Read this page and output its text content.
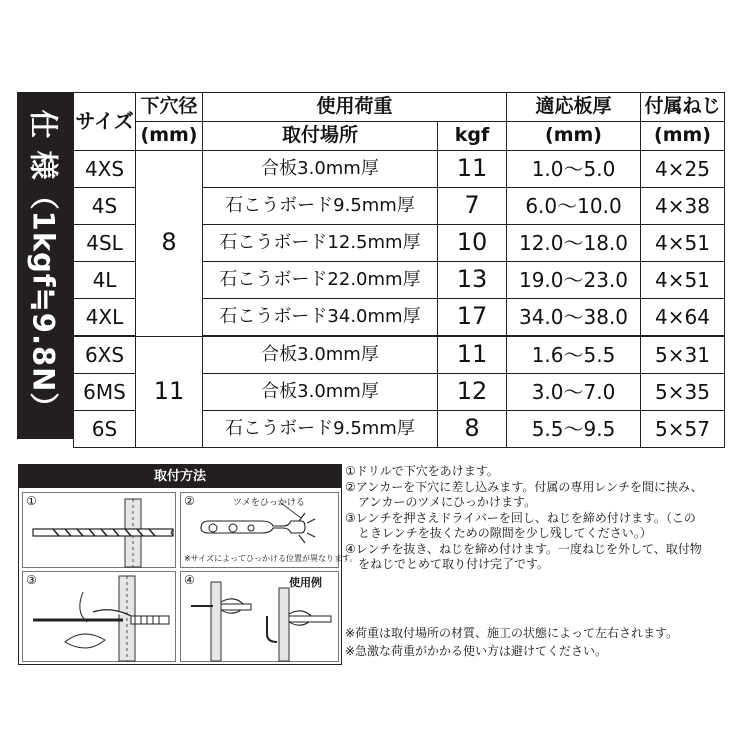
仕 様（1kgf≒9.8N） サイズ	下穴径	使用荷重		適応板厚	付属ねじ
	(mm)	取付場所	kgf	(mm)	(mm)
4XS	8	合板3.0mm厚	11	1.0〜5.0	4×25
4S		石こうボード9.5mm厚	7	6.0〜10.0	4×38
4SL		石こうボード12.5mm厚	10	12.0〜18.0	4×51
4L		石こうボード22.0mm厚	13	19.0〜23.0	4×51
4XL		石こうボード34.0mm厚	17	34.0〜38.0	4×64
6XS	11	合板3.0mm厚	11	1.6〜5.5	5×31
6MS		合板3.0mm厚	12	3.0〜7.0	5×35
6S		石こうボード9.5mm厚	8	5.5〜9.5	5×57
取付方法
①	②	ツメをひっかける
※サイズによってひっかける位置が異なります。
③	④	使用例
①ドリルで下穴をあけます。
②アンカーを下穴に差し込みます。付属の専用レンチを間に挟み、
アンカーのツメにひっかけます。
③レンチを押さえドライバーを回し、ねじを締め付けます。（この
ときレンチを抜くための隙間を少し残してください。）
④レンチを抜き、ねじを締め付けます。一度ねじを外して、取付物
をねじでとめて取り付け完了です。
※荷重は取付場所の材質、施工の状態によって左右されます。
※急激な荷重がかかる使い方は避けてください。
